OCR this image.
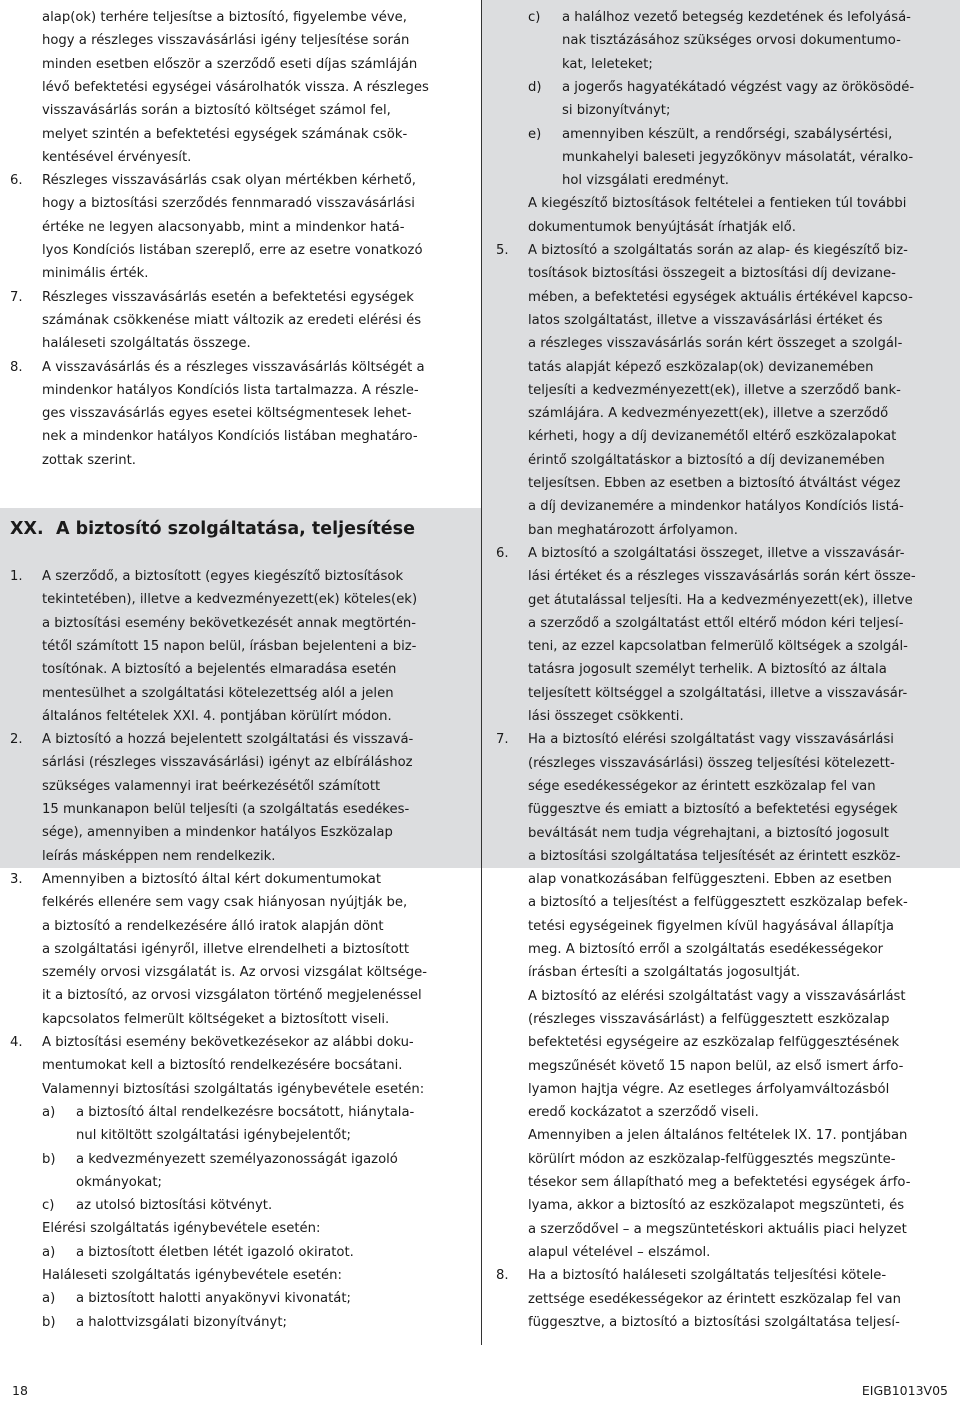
alap(ok) terhére teljesítse a biztosító, figyelembe véve,
hogy a részleges visszavásárlási igény teljesítése során
minden esetben először a szerződő eseti díjas számláján
lévő befektetési egységei vásárolhatók vissza. A részleges
visszavásárlás során a biztosító költséget számol fel,
melyet szintén a befektetési egységek számának csök-
kentésével érvényesít.
6. Részleges visszavásárlás csak olyan mértékben kérhető,
hogy a biztosítási szerződés fennmaradó visszavásárlási
értéke ne legyen alacsonyabb, mint a mindenkor hatá-
lyos Kondíciós listában szereplő, erre az esetre vonatkozó
minimális érték.
7. Részleges visszavásárlás esetén a befektetési egységek
számának csökkenése miatt változik az eredeti elérési és
haláleseti szolgáltatás összege.
8. A visszavásárlás és a részleges visszavásárlás költségét a
mindenkor hatályos Kondíciós lista tartalmazza. A részle-
ges visszavásárlás egyes esetei költségmentesek lehet-
nek a mindenkor hatályos Kondíciós listában meghatáro-
zottak szerint.
XX. A biztosító szolgáltatása, teljesítése
1. A szerződő, a biztosított (egyes kiegészítő biztosítások
tekintetében), illetve a kedvezményezett(ek) köteles(ek)
a biztosítási esemény bekövetkezését annak megtörtén-
tétől számított 15 napon belül, írásban bejelenteni a biz-
tosítónak. A biztosító a bejelentés elmaradása esetén
mentesülhet a szolgáltatási kötelezettség alól a jelen
általános feltételek XXI. 4. pontjában körülírt módon.
2. A biztosító a hozzá bejelentett szolgáltatási és visszavá-
sárlási (részleges visszavásárlási) igényt az elbíráláshoz
szükséges valamennyi irat beérkezésétől számított
15 munkanapon belül teljesíti (a szolgáltatás esedékes-
sége), amennyiben a mindenkor hatályos Eszközalap
leírás másképpen nem rendelkezik.
3. Amennyiben a biztosító által kért dokumentumokat
felkérés ellenére sem vagy csak hiányosan nyújtják be,
a biztosító a rendelkezésére álló iratok alapján dönt
a szolgáltatási igényről, illetve elrendelheti a biztosított
személy orvosi vizsgálatát is. Az orvosi vizsgálat költsége-
it a biztosító, az orvosi vizsgálaton történő megjelenéssel
kapcsolatos felmerült költségeket a biztosított viseli.
4. A biztosítási esemény bekövetkezésekor az alábbi doku-
mentumokat kell a biztosító rendelkezésére bocsátani.
Valamennyi biztosítási szolgáltatás igénybevétele esetén:
a) a biztosító által rendelkezésre bocsátott, hiánytala-
nul kitöltött szolgáltatási igénybejelentőt;
b) a kedvezményezett személyazonosságát igazoló
okmányokat;
c) az utolsó biztosítási kötvényt.
Elérési szolgáltatás igénybevétele esetén:
a) a biztosított életben létét igazoló okiratot.
Haláleseti szolgáltatás igénybevétele esetén:
a) a biztosított halotti anyakönyvi kivonatát;
b) a halottvizsgálati bizonyítványt;
c) a halálhoz vezető betegség kezdetének és lefolyásá-
nak tisztázásához szükséges orvosi dokumentumo-
kat, leleteket;
d) a jogerős hagyatékátadó végzést vagy az örökösödé-
si bizonyítványt;
e) amennyiben készült, a rendőrségi, szabálysértési,
munkahelyi baleseti jegyzőkönyv másolatát, véralko-
hol vizsgálati eredményt.
A kiegészítő biztosítások feltételei a fentieken túl további
dokumentumok benyújtását írhatják elő.
5. A biztosító a szolgáltatás során az alap- és kiegészítő biz-
tosítások biztosítási összegeit a biztosítási díj devizane-
mében, a befektetési egységek aktuális értékével kapcso-
latos szolgáltatást, illetve a visszavásárlási értéket és
a részleges visszavásárlás során kért összeget a szolgál-
tatás alapját képező eszközalap(ok) devizanemében
teljesíti a kedvezményezett(ek), illetve a szerződő bank-
számlájára. A kedvezményezett(ek), illetve a szerződő
kérheti, hogy a díj devizanemétől eltérő eszközalapokat
érintő szolgáltatáskor a biztosító a díj devizanemében
teljesítsen. Ebben az esetben a biztosító átváltást végez
a díj devizanemére a mindenkor hatályos Kondíciós listá-
ban meghatározott árfolyamon.
6. A biztosító a szolgáltatási összeget, illetve a visszavásár-
lási értéket és a részleges visszavásárlás során kért össze-
get átutalással teljesíti. Ha a kedvezményezett(ek), illetve
a szerződő a szolgáltatást ettől eltérő módon kéri teljesí-
teni, az ezzel kapcsolatban felmerülő költségek a szolgál-
tatásra jogosult személyt terhelik. A biztosító az általa
teljesített költséggel a szolgáltatási, illetve a visszavásár-
lási összeget csökkenti.
7. Ha a biztosító elérési szolgáltatást vagy visszavásárlási
(részleges visszavásárlási) összeg teljesítési kötelezett-
sége esedékességekor az érintett eszközalap fel van
függesztve és emiatt a biztosító a befektetési egységek
beváltását nem tudja végrehajtani, a biztosító jogosult
a biztosítási szolgáltatása teljesítését az érintett eszköz-
alap vonatkozásában felfüggeszteni. Ebben az esetben
a biztosító a teljesítést a felfüggesztett eszközalap befek-
tetési egységeinek figyelmen kívül hagyásával állapítja
meg. A biztosító erről a szolgáltatás esedékességekor
írásban értesíti a szolgáltatás jogosultját.
A biztosító az elérési szolgáltatást vagy a visszavásárlást
(részleges visszavásárlást) a felfüggesztett eszközalap
befektetési egységeire az eszközalap felfüggesztésének
megszűnését követő 15 napon belül, az első ismert árfo-
lyamon hajtja végre. Az esetleges árfolyamváltozásból
eredő kockázatot a szerződő viseli.
Amennyiben a jelen általános feltételek IX. 17. pontjában
körülírt módon az eszközalap-felfüggesztés megszünte-
tésekor sem állapítható meg a befektetési egységek árfo-
lyama, akkor a biztosító az eszközalapot megszünteti, és
a szerződővel – a megszüntetéskori aktuális piaci helyzet
alapul vételével – elszámol.
8. Ha a biztosító haláleseti szolgáltatás teljesítési kötele-
zettsége esedékességekor az érintett eszközalap fel van
függesztve, a biztosító a biztosítási szolgáltatása teljesí-
18	EIGB1013V05
